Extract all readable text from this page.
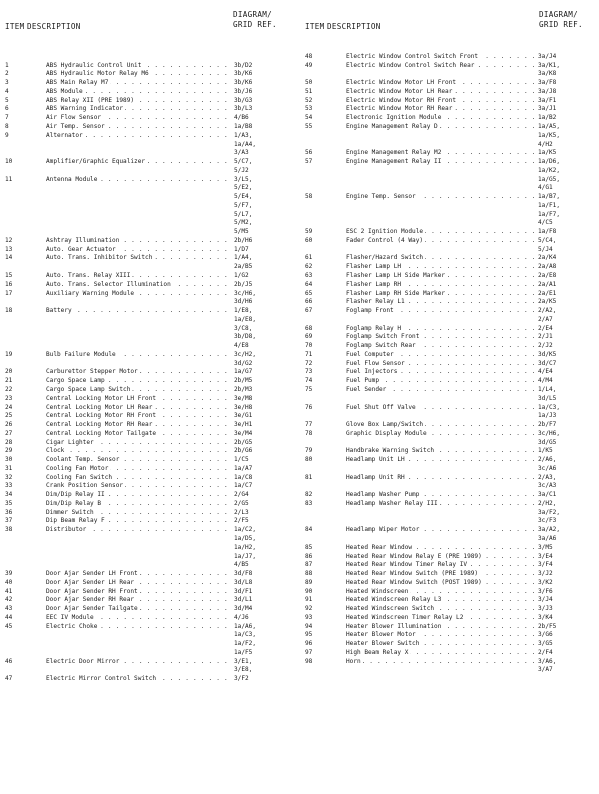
ITEM DESCRIPTION
DIAGRAM/
GRID REF.
1	ABS Hydraulic Control Unit . . .	3b/D2
2	ABS Hydraulic Motor Relay M6 . . .	3b/K6
3	ABS Main Relay M7 . . .	3b/K6
4	ABS Module . . .	3b/J6
5	ABS Relay XII (PRE 1989) . . .	3b/G3
6	ABS Warning Indicator . . .	3b/L3
7	Air Flow Sensor . . .	4/B6
8	Air Temp. Sensor . . .	1a/B8
9	Alternator . . .	1/A3,
1a/A4,
3/A3
10	Amplifier/Graphic Equalizer . . .	5/C7,
5/J2
11	Antenna Module . . .	3/L5,
5/E2,
5/E4,
5/F7,
5/L7,
5/M2,
5/M5
12	Ashtray Illumination . . .	2b/H6
13	Auto. Gear Actuator . . .	1/D7
14	Auto. Trans. Inhibitor Switch . . .	1/A4,
2a/B5
15	Auto. Trans. Relay XIII . . .	1/G2
16	Auto. Trans. Selector Illumination . . .	2b/J5
17	Auxiliary Warning Module . . .	3c/H6,
3d/H6
18	Battery . . .	1/E8,
1a/E8,
3/C8,
3b/D8,
4/E8
19	Bulb Failure Module . . .	3c/H2,
3d/G2
20	Carburettor Stepper Motor . . .	1a/G7
21	Cargo Space Lamp . . .	2b/M5
22	Cargo Space Lamp Switch . . .	2b/M3
23	Central Locking Motor LH Front . . .	3e/M8
24	Central Locking Motor LH Rear . . .	3e/H8
25	Central Locking Motor RH Front . . .	3e/G1
26	Central Locking Motor RH Rear . . .	3e/H1
27	Central Locking Motor Tailgate . . .	3e/M4
28	Cigar Lighter . . .	2b/G5
29	Clock . . .	2b/G6
30	Coolant Temp. Sensor . . .	1/C5
31	Cooling Fan Motor . . .	1a/A7
32	Cooling Fan Switch . . .	1a/C8
33	Crank Position Sensor . . .	1a/C7
34	Dim/Dip Relay II . . .	2/G4
35	Dim/Dip Relay B . . .	2/G5
36	Dimmer Switch . . .	2/L3
37	Dip Beam Relay F . . .	2/F5
38	Distributor . . .	1a/C2,
1a/D5,
1a/H2,
1a/J7,
4/B5
39	Door Ajar Sender LH Front . . .	3d/F8
40	Door Ajar Sender LH Rear . . .	3d/L8
41	Door Ajar Sender RH Front . . .	3d/F1
42	Door Ajar Sender RH Rear . . .	3d/L1
43	Door Ajar Sender Tailgate . . .	3d/M4
44	EEC IV Module . . .	4/J6
45	Electric Choke . . .	1a/A6,
1a/C3,
1a/F2,
1a/F5
46	Electric Door Mirror . . .	3/E1,
3/E8,
47	Electric Mirror Control Switch . . .	3/F2
ITEM DESCRIPTION
DIAGRAM/
GRID REF.
48	Electric Window Control Switch Front . . .	3a/J4
49	Electric Window Control Switch Rear . . .	3a/K1,
3a/K8
50	Electric Window Motor LH Front . . .	3a/F8
51	Electric Window Motor LH Rear . . .	3a/J8
52	Electric Window Motor RH Front . . .	3a/F1
53	Electric Window Motor RH Rear . . .	3a/J1
54	Electronic Ignition Module . . .	1a/B2
55	Engine Management Relay D . . .	1a/A5,
1a/K5,
4/H2
56	Engine Management Relay M2 . . .	1a/K5
57	Engine Management Relay II . . .	1a/D6,
1a/K2,
1a/G5,
4/G1
58	Engine Temp. Sensor . . .	1a/B7,
1a/F1,
1a/F7,
4/C5
59	ESC 2 Ignition Module . . .	1a/F8
60	Fader Control (4 Way) . . .	5/C4,
5/J4
61	Flasher/Hazard Switch . . .	2a/K4
62	Flasher Lamp LH . . .	2a/A8
63	Flasher Lamp LH Side Marker . . .	2a/E8
64	Flasher Lamp RH . . .	2a/A1
65	Flasher Lamp RH Side Marker . . .	2a/E1
66	Flasher Relay L1 . . .	2a/K5
67	Foglamp Front . . .	2/A2,
2/A7
68	Foglamp Relay H . . .	2/E4
69	Foglamp Switch Front . . .	2/J1
70	Foglamp Switch Rear . . .	2/J2
71	Fuel Computer . . .	3d/K5
72	Fuel Flow Sensor . . .	3d/C7
73	Fuel Injectors . . .	4/E4
74	Fuel Pump . . .	4/M4
75	Fuel Sender . . .	1/L4,
3d/L5
76	Fuel Shut Off Valve . . .	1a/C3,
1a/J3
77	Glove Box Lamp/Switch . . .	2b/F7
78	Graphic Display Module . . .	3c/H6,
3d/G5
79	Handbrake Warning Switch . . .	1/K5
80	Headlamp Unit LH . . .	2/A6,
3c/A6
81	Headlamp Unit RH . . .	2/A3,
3c/A3
82	Headlamp Washer Pump . . .	3a/C1
83	Headlamp Washer Relay III . . .	2/H2,
3a/F2,
3c/F3
84	Headlamp Wiper Motor . . .	3a/A2,
3a/A6
85	Heated Rear Window . . .	3/M5
86	Heated Rear Window Relay E (PRE 1989) . . .	3/E4
87	Heated Rear Window Timer Relay IV . . .	3/F4
88	Heated Rear Window Switch (PRE 1989) . . .	3/J2
89	Heated Rear Window Switch (POST 1989) . . .	3/K2
90	Heated Windscreen . . .	3/F6
91	Heated Windscreen Relay L3 . . .	3/J4
92	Heated Windscreen Switch . . .	3/J3
93	Heated Windscreen Timer Relay L2 . . .	3/K4
94	Heater Blower Illumination . . .	2b/F5
95	Heater Blower Motor . . .	3/G6
96	Heater Blower Switch . . .	3/G5
97	High Beam Relay X . . .	2/F4
98	Horn . . .	3/A6,
3/A7
